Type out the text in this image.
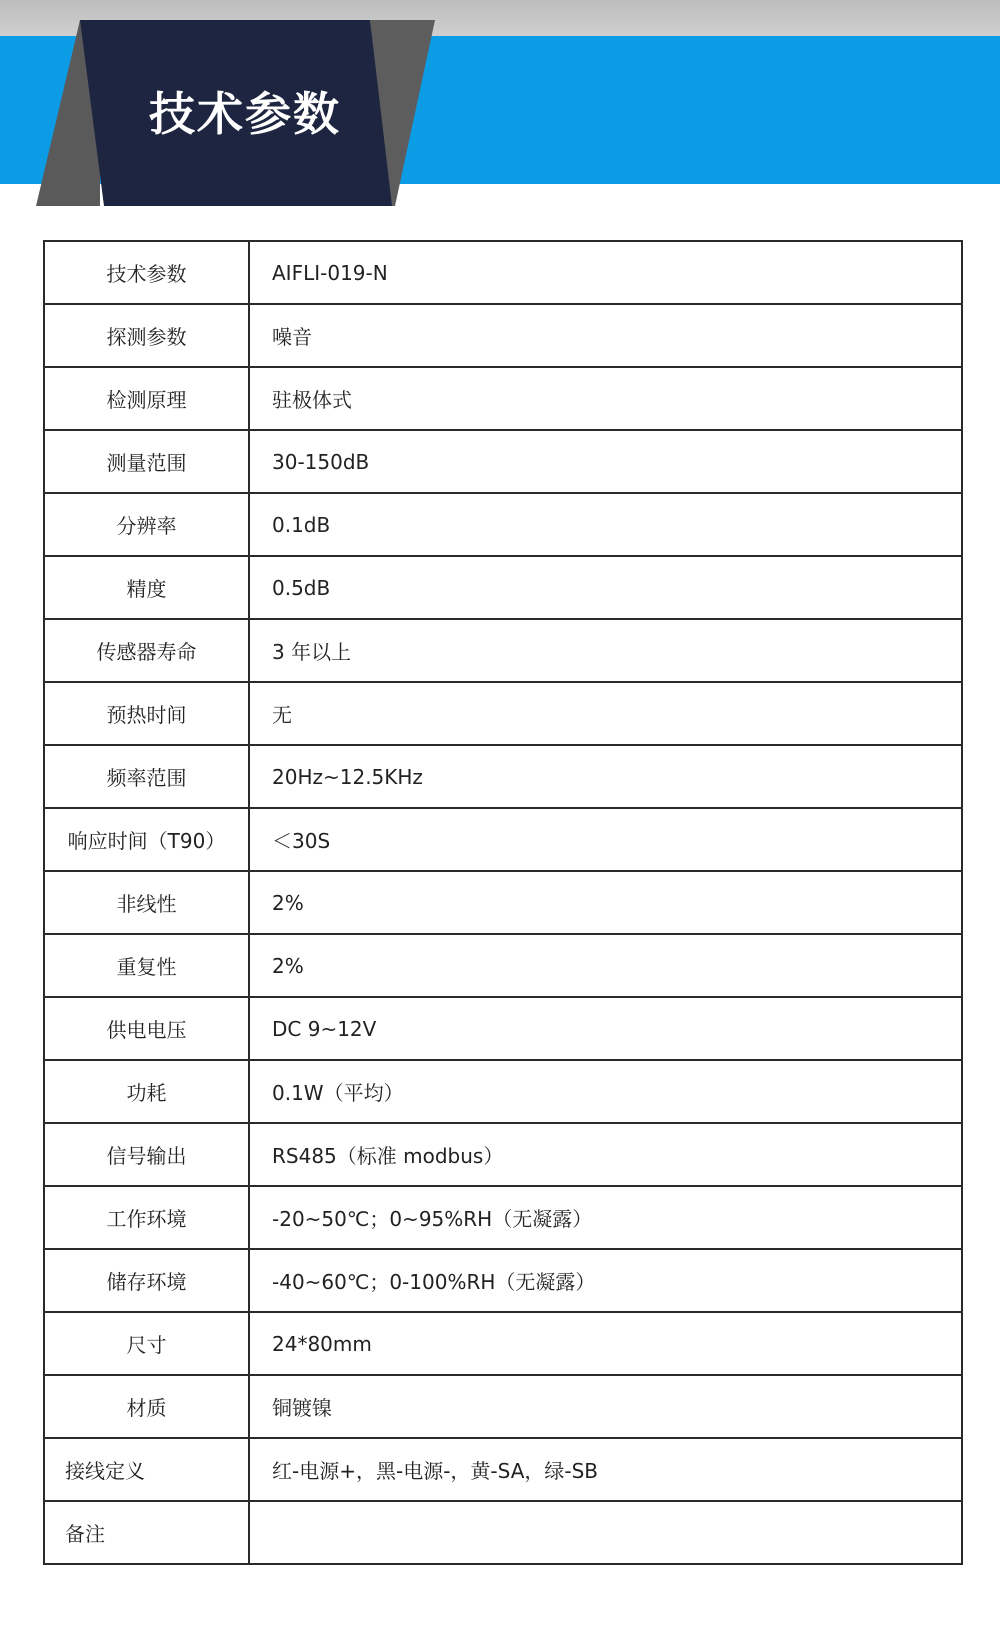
技术参数
技术参数	AIFLI-019-N
探测参数	噪音
检测原理	驻极体式
测量范围	30-150dB
分辨率	0.1dB
精度	0.5dB
传感器寿命	3 年以上
预热时间	无
频率范围	20Hz~12.5KHz
响应时间（T90）	＜30S
非线性	2%
重复性	2%
供电电压	DC 9~12V
功耗	0.1W（平均）
信号输出	RS485（标准 modbus）
工作环境	-20~50℃；0~95%RH（无凝露）
储存环境	-40~60℃；0-100%RH（无凝露）
尺寸	24*80mm
材质	铜镀镍
接线定义	红-电源+，黑-电源-，黄-SA，绿-SB
备注	
